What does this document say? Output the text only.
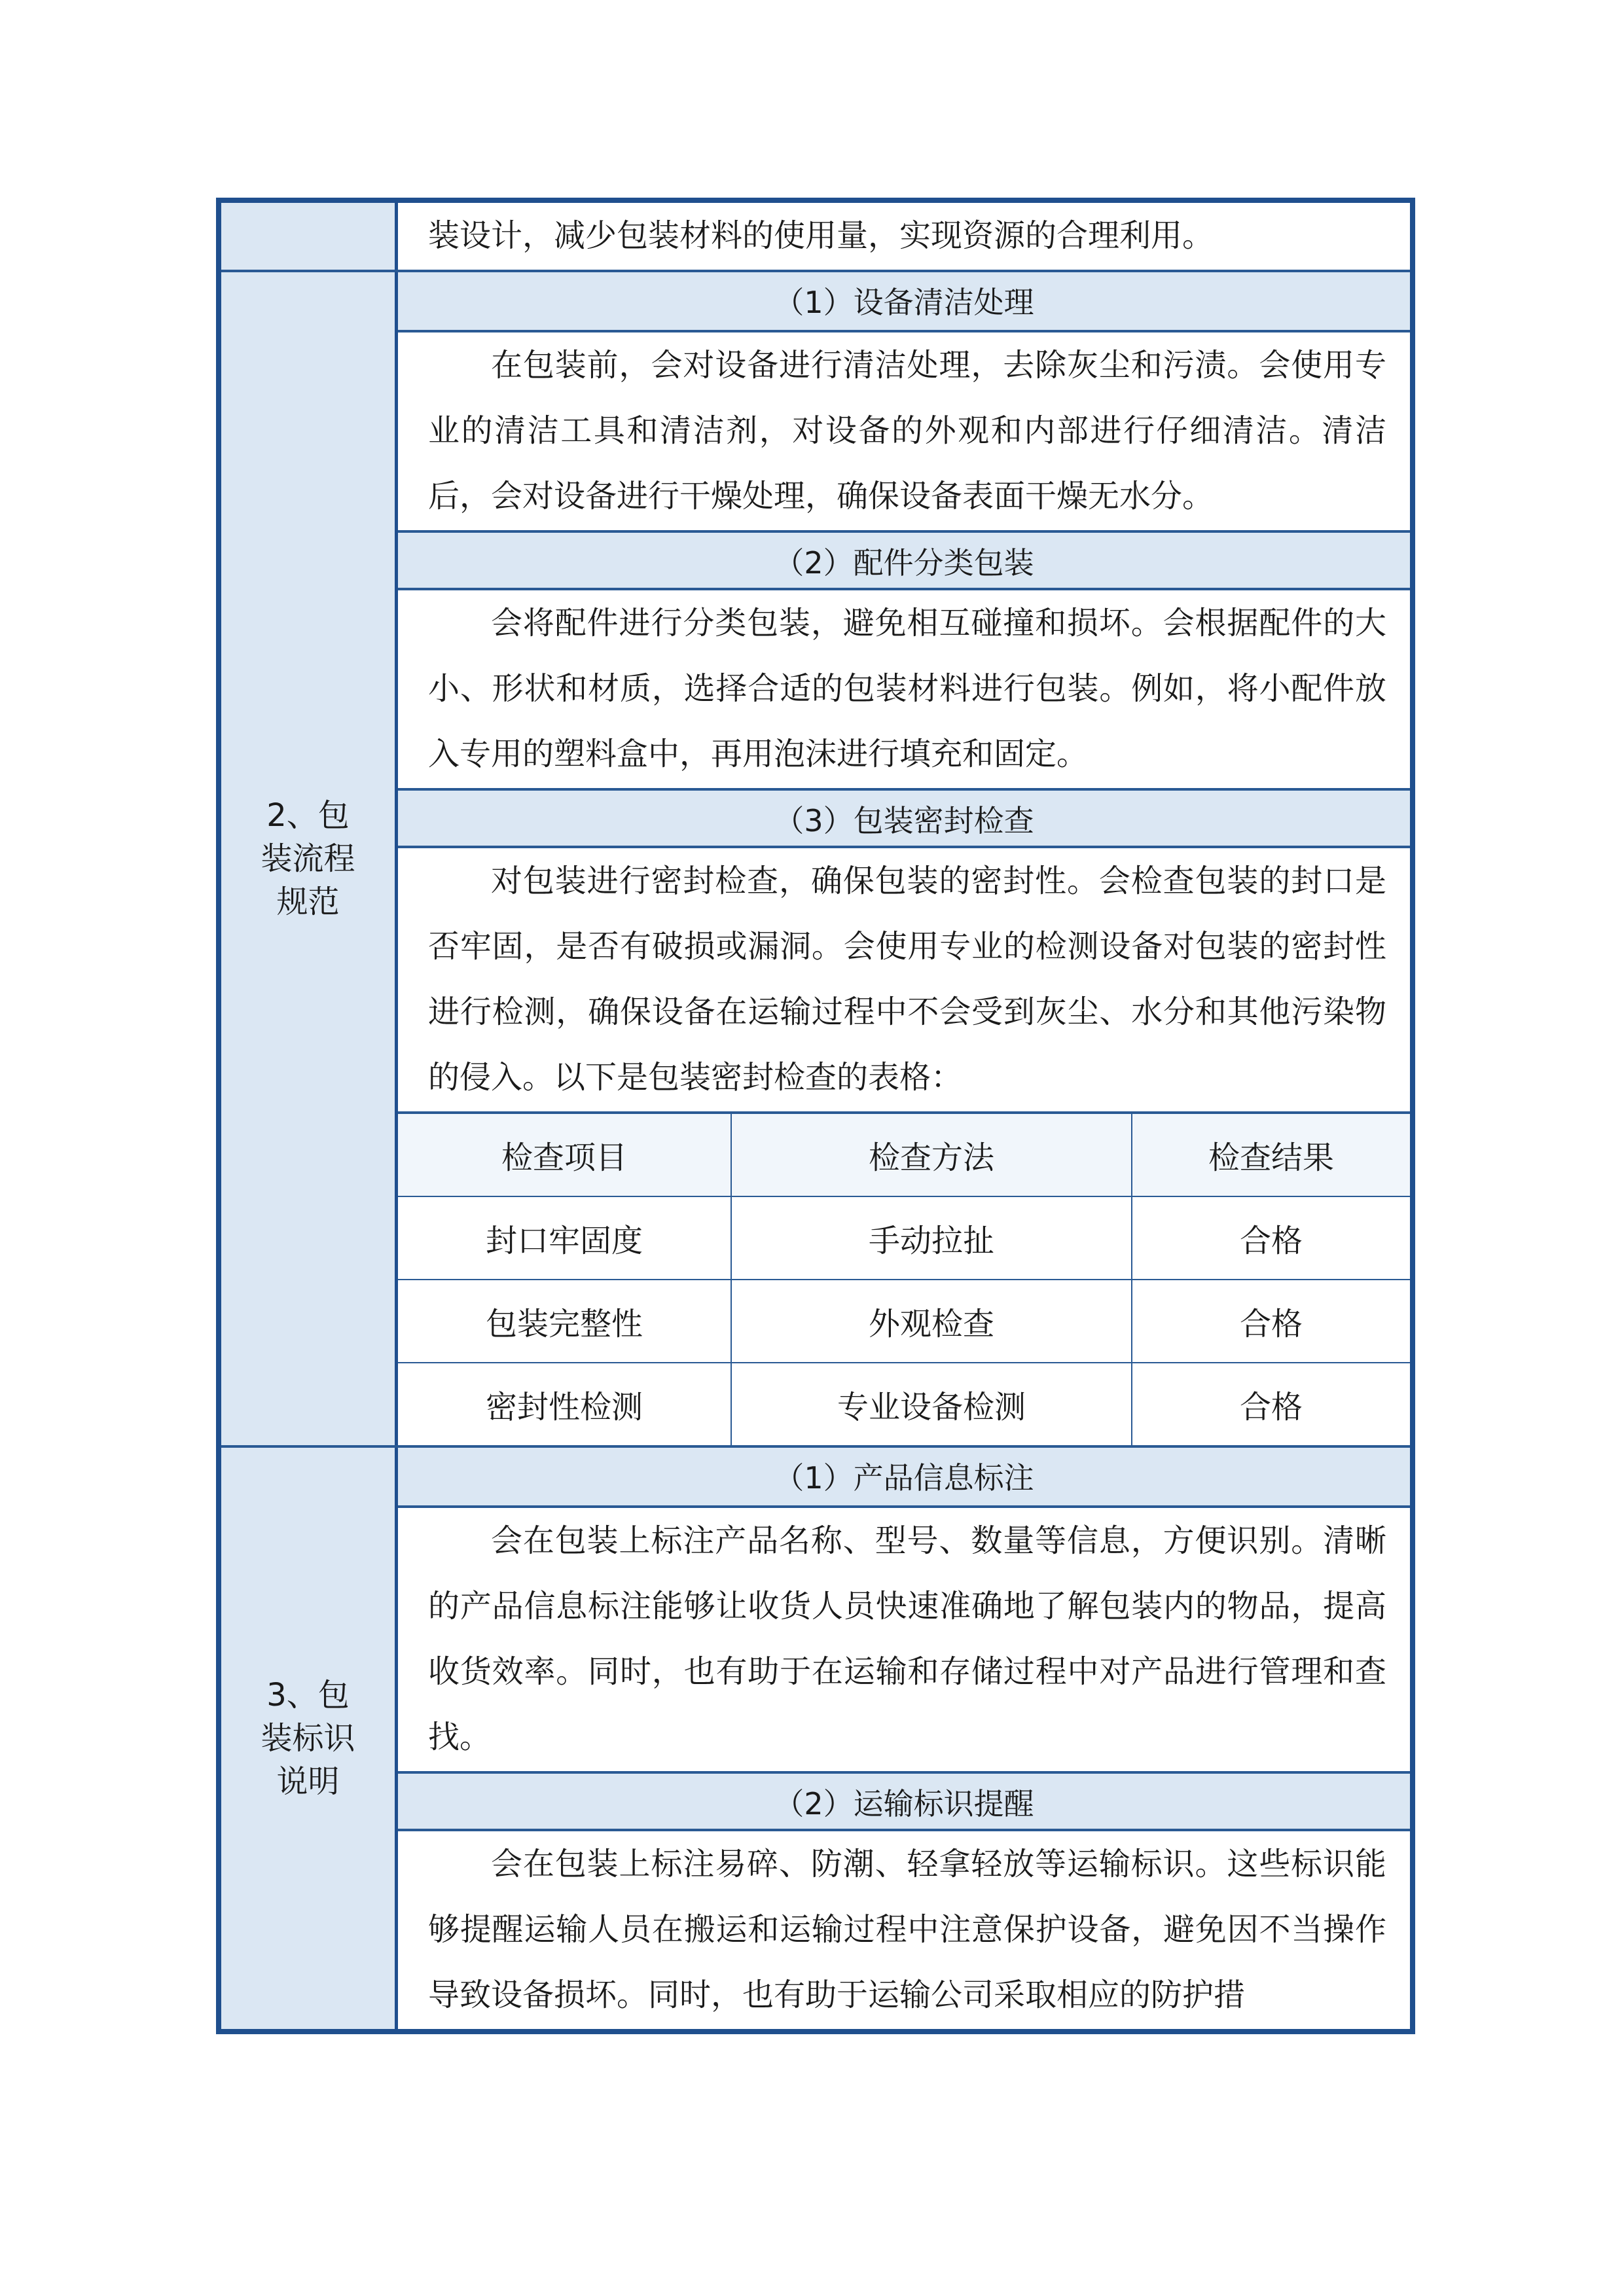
装设计，减少包装材料的使用量，实现资源的合理利用。
2、包装流程规范
（1）设备清洁处理
在包装前，会对设备进行清洁处理，去除灰尘和污渍。会使用专业的清洁工具和清洁剂，对设备的外观和内部进行仔细清洁。清洁后，会对设备进行干燥处理，确保设备表面干燥无水分。
（2）配件分类包装
会将配件进行分类包装，避免相互碰撞和损坏。会根据配件的大小、形状和材质，选择合适的包装材料进行包装。例如，将小配件放入专用的塑料盒中，再用泡沫进行填充和固定。
（3）包装密封检查
对包装进行密封检查，确保包装的密封性。会检查包装的封口是否牢固，是否有破损或漏洞。会使用专业的检测设备对包装的密封性进行检测，确保设备在运输过程中不会受到灰尘、水分和其他污染物的侵入。以下是包装密封检查的表格：
检查项目	检查方法	检查结果
封口牢固度	手动拉扯	合格
包装完整性	外观检查	合格
密封性检测	专业设备检测	合格
3、包装标识说明
（1）产品信息标注
会在包装上标注产品名称、型号、数量等信息，方便识别。清晰的产品信息标注能够让收货人员快速准确地了解包装内的物品，提高收货效率。同时，也有助于在运输和存储过程中对产品进行管理和查找。
（2）运输标识提醒
会在包装上标注易碎、防潮、轻拿轻放等运输标识。这些标识能够提醒运输人员在搬运和运输过程中注意保护设备，避免因不当操作导致设备损坏。同时，也有助于运输公司采取相应的防护措
